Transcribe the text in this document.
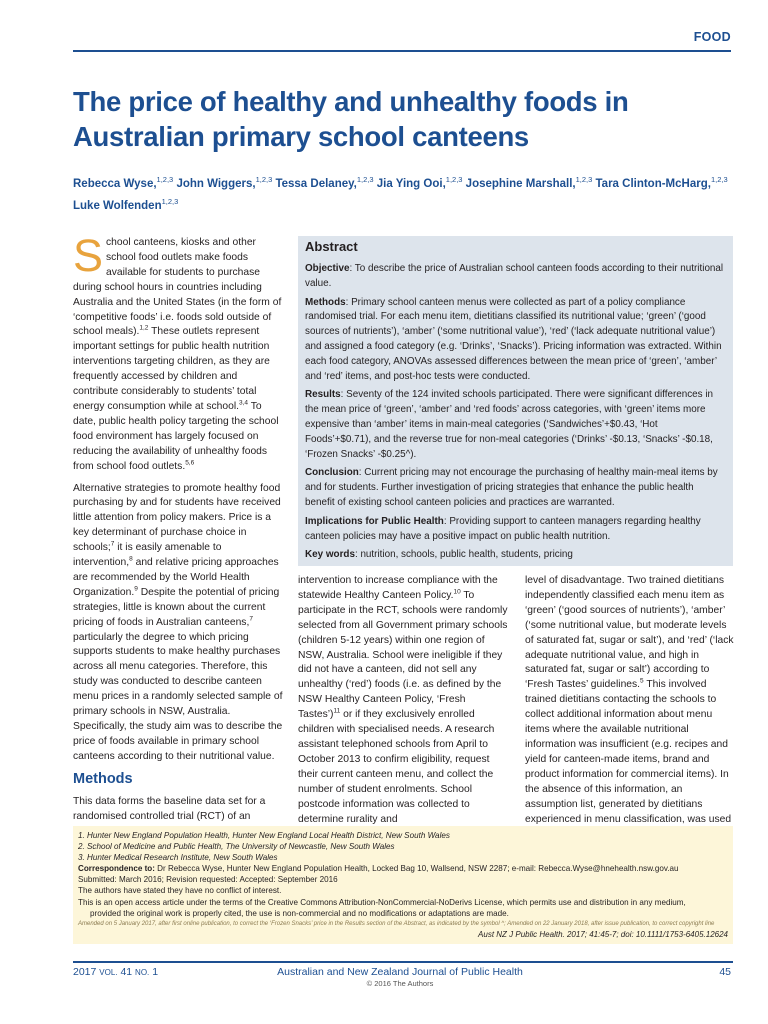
FOOD
The price of healthy and unhealthy foods in Australian primary school canteens
Rebecca Wyse,$^{1,2,3}$ John Wiggers,$^{1,2,3}$ Tessa Delaney,$^{1,2,3}$ Jia Ying Ooi,$^{1,2,3}$ Josephine Marshall,$^{1,2,3}$ Tara Clinton-McHarg,$^{1,2,3}$
Luke Wolfenden$^{1,2,3}$

School canteens, kiosks and other school food outlets make foods available for students to purchase during school hours in countries including Australia and the United States (in the form of ‘competitive foods’ i.e. foods sold outside of school meals).$^{1,2}$ These outlets represent important settings for public health nutrition interventions targeting children, as they are frequently accessed by children and contribute considerably to students’ total energy consumption while at school.$^{3,4}$ To date, public health policy targeting the school food environment has largely focused on reducing the availability of unhealthy foods from school food outlets.$^{5,6}$

Alternative strategies to promote healthy food purchasing by and for students have received little attention from policy makers. Price is a key determinant of purchase choice in schools;$^7$ it is easily amenable to intervention,$^8$ and relative pricing approaches are recommended by the World Health Organization.$^9$ Despite the potential of pricing strategies, little is known about the current pricing of foods in Australian canteens,$^7$ particularly the degree to which pricing supports students to make healthy purchases across all menu categories. Therefore, this study was conducted to describe canteen menu prices in a randomly selected sample of primary schools in NSW, Australia. Specifically, the study aim was to describe the price of foods available in primary school canteens according to their nutritional value.

Methods

This data forms the baseline data set for a randomised controlled trial (RCT) of an

Abstract

Objective: To describe the price of Australian school canteen foods according to their nutritional value.

Methods: Primary school canteen menus were collected as part of a policy compliance randomised trial. For each menu item, dietitians classified its nutritional value; ‘green’ (‘good sources of nutrients’), ‘amber’ (‘some nutritional value’), ‘red’ (‘lack adequate nutritional value’) and assigned a food category (e.g. ‘Drinks’, ‘Snacks’). Pricing information was extracted. Within each food category, ANOVAs assessed differences between the mean price of ‘green’, ‘amber’ and ‘red’ items, and post-hoc tests were conducted.

Results: Seventy of the 124 invited schools participated. There were significant differences in the mean price of ‘green’, ‘amber’ and ‘red foods’ across categories, with ‘green’ items more expensive than ‘amber’ items in main-meal categories (‘Sandwiches’+$0.43, ‘Hot Foods’+$0.71), and the reverse true for non-meal categories (‘Drinks’ -$0.13, ‘Snacks’ -$0.18, ‘Frozen Snacks’ -$0.25^).

Conclusion: Current pricing may not encourage the purchasing of healthy main-meal items by and for students. Further investigation of pricing strategies that enhance the public health benefit of existing school canteen policies and practices are warranted.

Implications for Public Health: Providing support to canteen managers regarding healthy canteen policies may have a positive impact on public health nutrition.

Key words: nutrition, schools, public health, students, pricing

intervention to increase compliance with the statewide Healthy Canteen Policy.$^{10}$ To participate in the RCT, schools were randomly selected from all Government primary schools (children 5-12 years) within one region of NSW, Australia. School were ineligible if they did not have a canteen, did not sell any unhealthy (‘red’) foods (i.e. as defined by the NSW Healthy Canteen Policy, ‘Fresh Tastes’)$^{11}$ or if they exclusively enrolled children with specialised needs. A research assistant telephoned schools from April to October 2013 to confirm eligibility, request their current canteen menu, and collect the number of student enrolments. School postcode information was collected to determine rurality and

level of disadvantage. Two trained dietitians independently classified each menu item as ‘green’ (‘good sources of nutrients’), ‘amber’ (‘some nutritional value, but moderate levels of saturated fat, sugar or salt’), and ‘red’ (‘lack adequate nutritional value, and high in saturated fat, sugar or salt’) according to ‘Fresh Tastes’ guidelines.$^5$ This involved trained dietitians contacting the schools to collect additional information about menu items where the available nutritional information was insufficient (e.g. recipes and yield for canteen-made items, brand and product information for commercial items). In the absence of this information, an assumption list, generated by dietitians experienced in menu classification, was used

1. Hunter New England Population Health, Hunter New England Local Health District, New South Wales
2. School of Medicine and Public Health, The University of Newcastle, New South Wales
3. Hunter Medical Research Institute, New South Wales
Correspondence to: Dr Rebecca Wyse, Hunter New England Population Health, Locked Bag 10, Wallsend, NSW 2287; e-mail: Rebecca.Wyse@hnehealth.nsw.gov.au
Submitted: March 2016; Revision requested: Accepted: September 2016
The authors have stated they have no conflict of interest.
This is an open access article under the terms of the Creative Commons Attribution-NonCommercial-NoDerivs License, which permits use and distribution in any medium,
provided the original work is properly cited, the use is non-commercial and no modifications or adaptations are made.
Amended on 5 January 2017, after first online publication, to correct the ‘Frozen Snacks’ price in the Results section of the Abstract, as indicated by the symbol ^; Amended on 22 January 2018, after issue publication, to correct copyright line
Aust NZ J Public Health. 2017; 41:45-7; doi: 10.1111/1753-6405.12624
2017 VOL. 41 NO. 1	Australian and New Zealand Journal of Public Health
© 2016 The Authors
45
